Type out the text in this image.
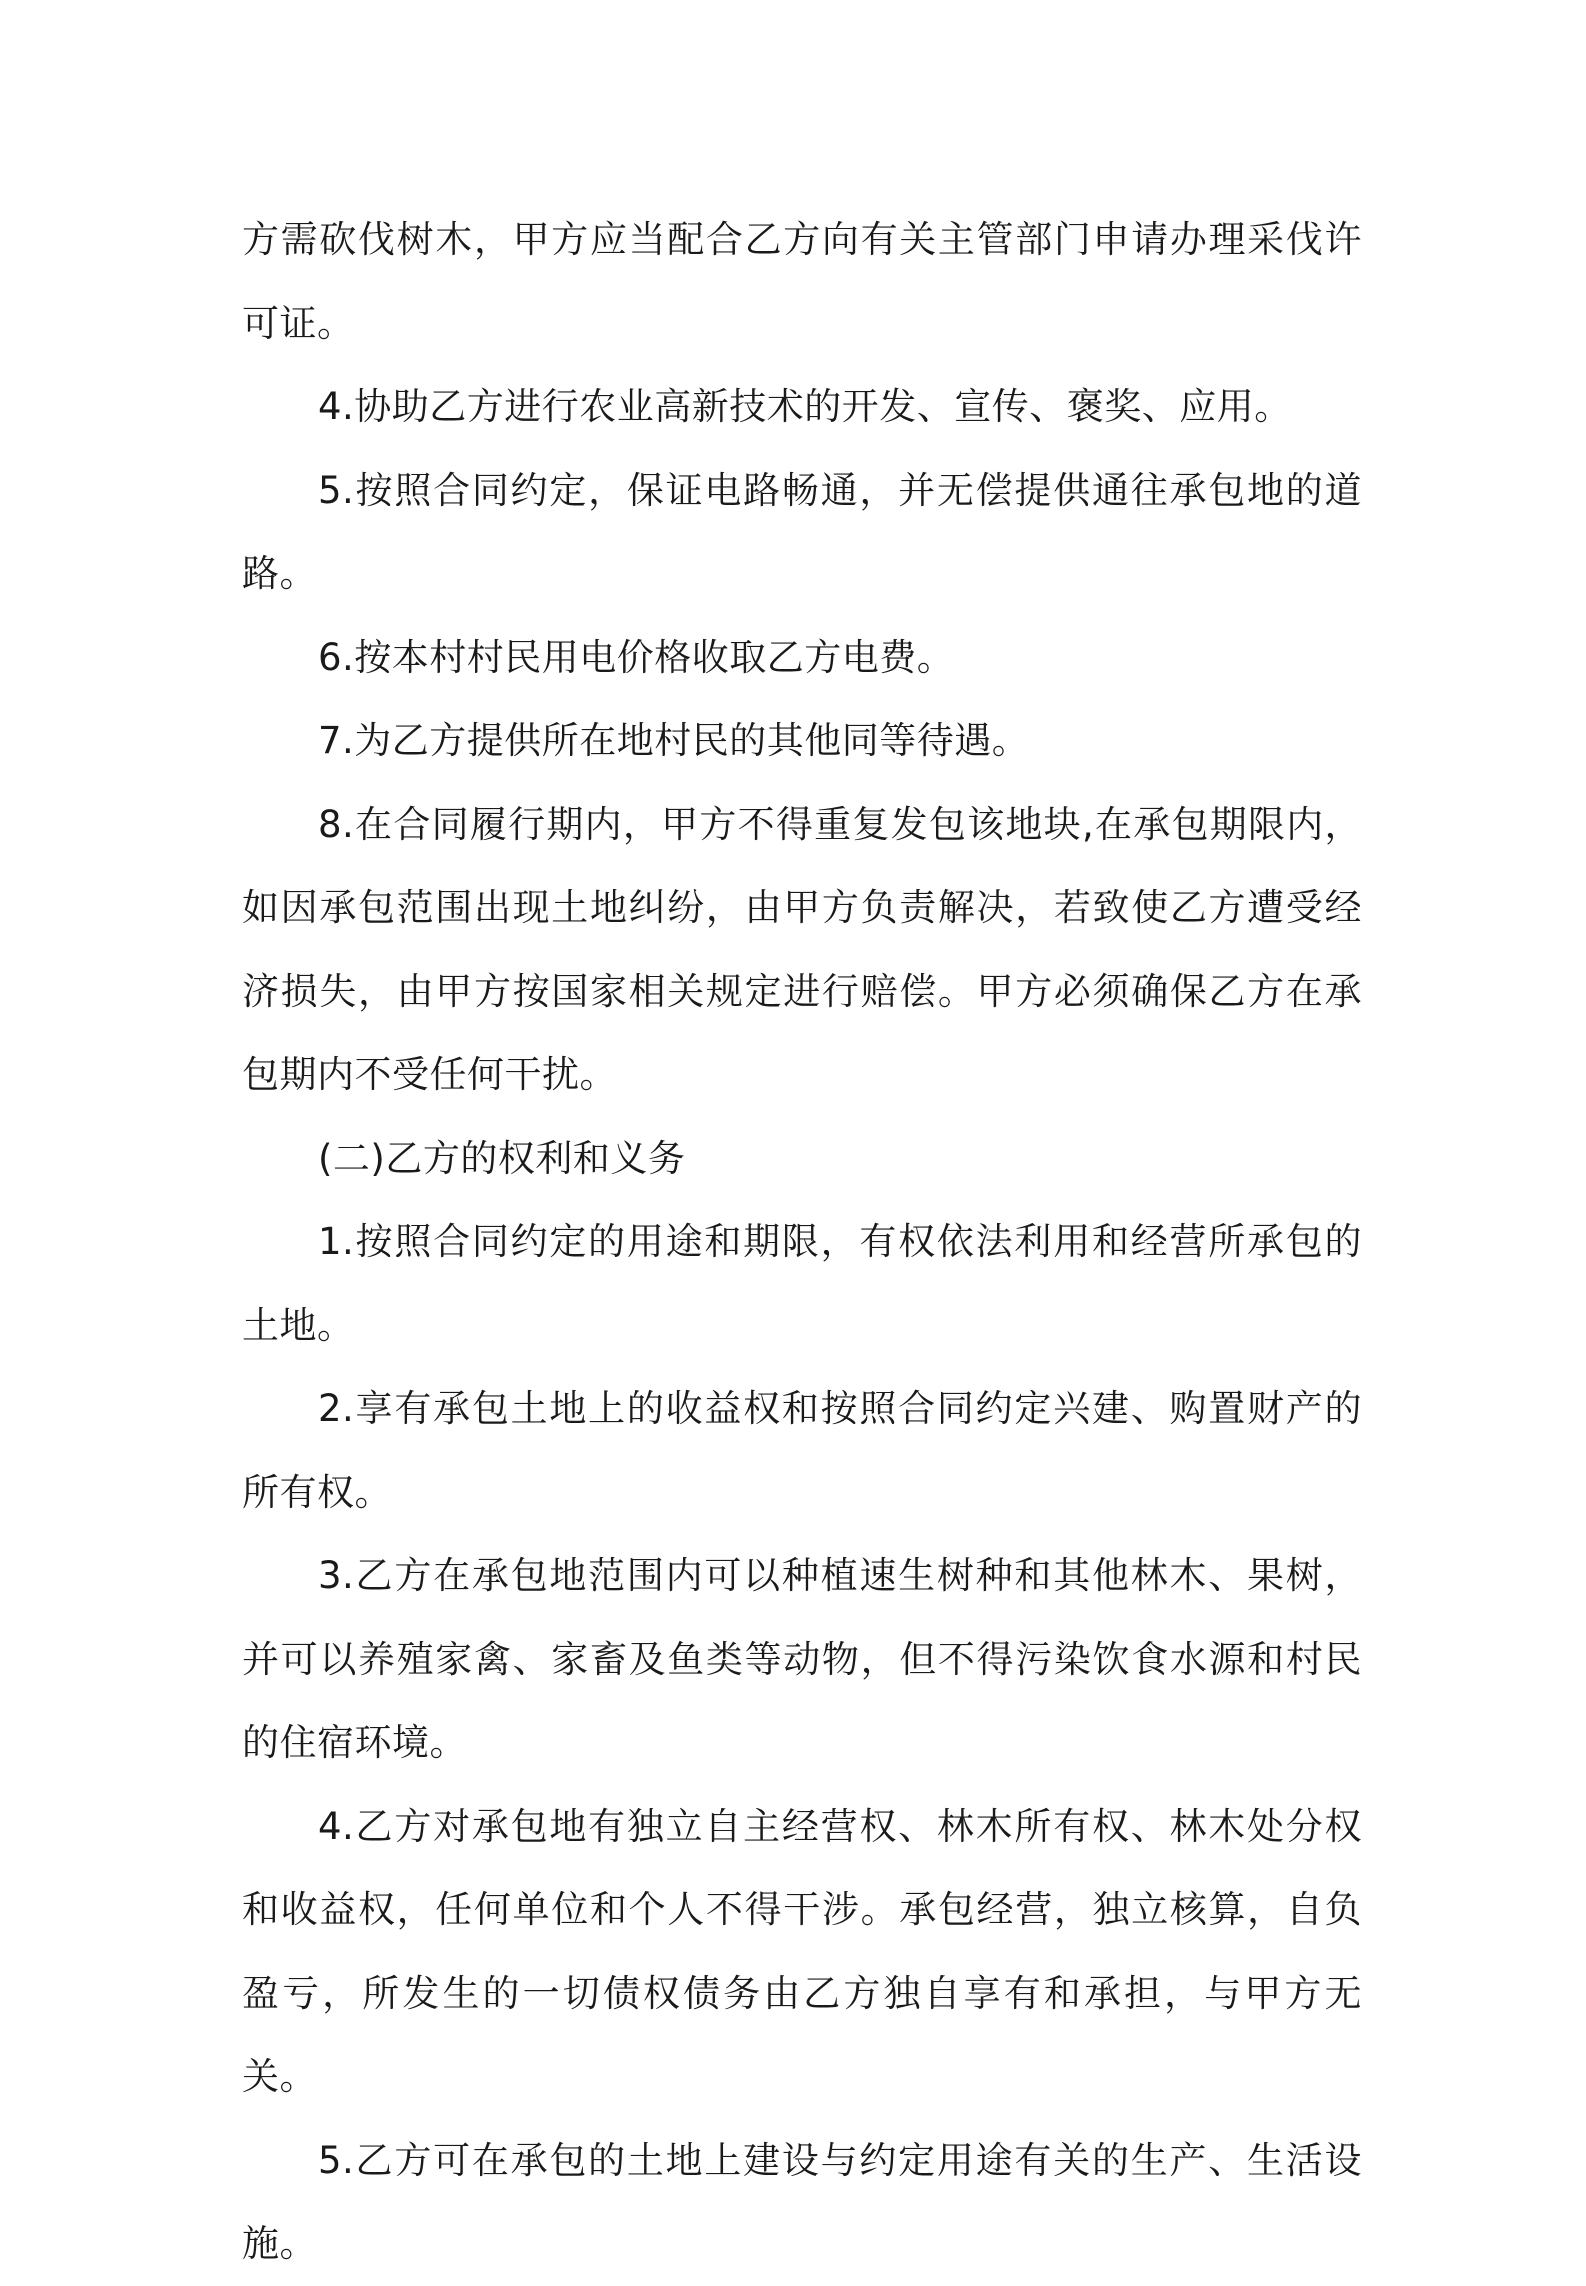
方需砍伐树木，甲方应当配合乙方向有关主管部门申请办理采伐许可证。

4.协助乙方进行农业高新技术的开发、宣传、褒奖、应用。

5.按照合同约定，保证电路畅通，并无偿提供通往承包地的道路。

6.按本村村民用电价格收取乙方电费。

7.为乙方提供所在地村民的其他同等待遇。

8.在合同履行期内，甲方不得重复发包该地块,在承包期限内，如因承包范围出现土地纠纷，由甲方负责解决，若致使乙方遭受经济损失，由甲方按国家相关规定进行赔偿。甲方必须确保乙方在承包期内不受任何干扰。

(二)乙方的权利和义务

1.按照合同约定的用途和期限，有权依法利用和经营所承包的土地。

2.享有承包土地上的收益权和按照合同约定兴建、购置财产的所有权。

3.乙方在承包地范围内可以种植速生树种和其他林木、果树，并可以养殖家禽、家畜及鱼类等动物，但不得污染饮食水源和村民的住宿环境。

4.乙方对承包地有独立自主经营权、林木所有权、林木处分权和收益权，任何单位和个人不得干涉。承包经营，独立核算，自负盈亏，所发生的一切债权债务由乙方独自享有和承担，与甲方无关。

5.乙方可在承包的土地上建设与约定用途有关的生产、生活设施。
